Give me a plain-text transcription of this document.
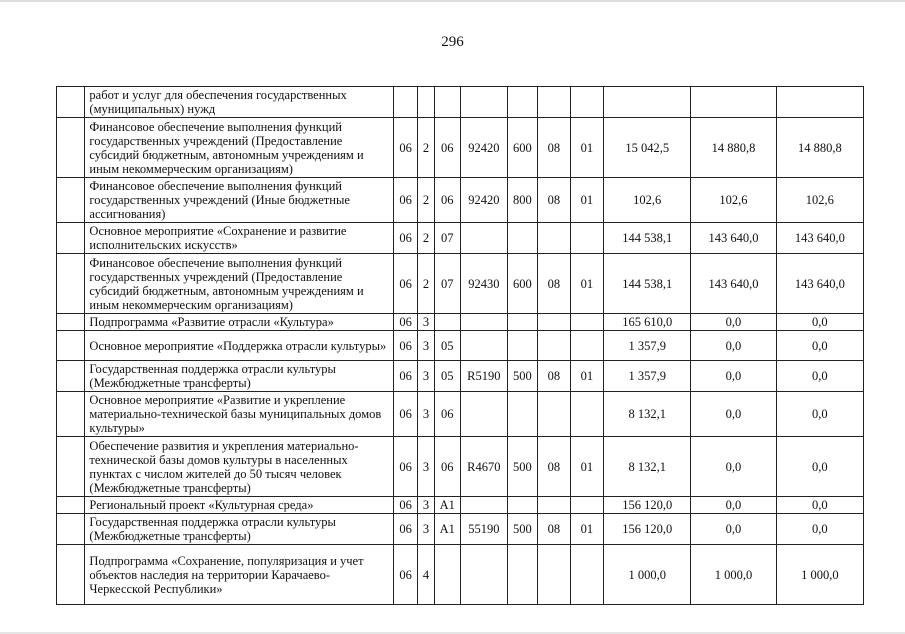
296
	работ и услуг для обеспечения государственных (муниципальных) нужд										
	Финансовое обеспечение выполнения функций государственных учреждений (Предоставление субсидий бюджетным, автономным учреждениям и иным некоммерческим организациям)	06	2	06	92420	600	08	01	15 042,5	14 880,8	14 880,8
	Финансовое обеспечение выполнения функций государственных учреждений (Иные бюджетные ассигнования)	06	2	06	92420	800	08	01	102,6	102,6	102,6
	Основное мероприятие «Сохранение и развитие исполнительских искусств»	06	2	07					144 538,1	143 640,0	143 640,0
	Финансовое обеспечение выполнения функций государственных учреждений (Предоставление субсидий бюджетным, автономным учреждениям и иным некоммерческим организациям)	06	2	07	92430	600	08	01	144 538,1	143 640,0	143 640,0
	Подпрограмма «Развитие отрасли «Культура»	06	3						165 610,0	0,0	0,0
	Основное мероприятие «Поддержка отрасли культуры»	06	3	05					1 357,9	0,0	0,0
	Государственная поддержка отрасли культуры (Межбюджетные трансферты)	06	3	05	R5190	500	08	01	1 357,9	0,0	0,0
	Основное мероприятие «Развитие и укрепление материально-технической базы муниципальных домов культуры»	06	3	06					8 132,1	0,0	0,0
	Обеспечение развития и укрепления материально-технической базы домов культуры в населенных пунктах с числом жителей до 50 тысяч человек (Межбюджетные трансферты)	06	3	06	R4670	500	08	01	8 132,1	0,0	0,0
	Региональный проект «Культурная среда»	06	3	A1					156 120,0	0,0	0,0
	Государственная поддержка отрасли культуры (Межбюджетные трансферты)	06	3	A1	55190	500	08	01	156 120,0	0,0	0,0
	Подпрограмма «Сохранение, популяризация и учет объектов наследия на территории Карачаево-Черкесской Республики»	06	4						1 000,0	1 000,0	1 000,0
